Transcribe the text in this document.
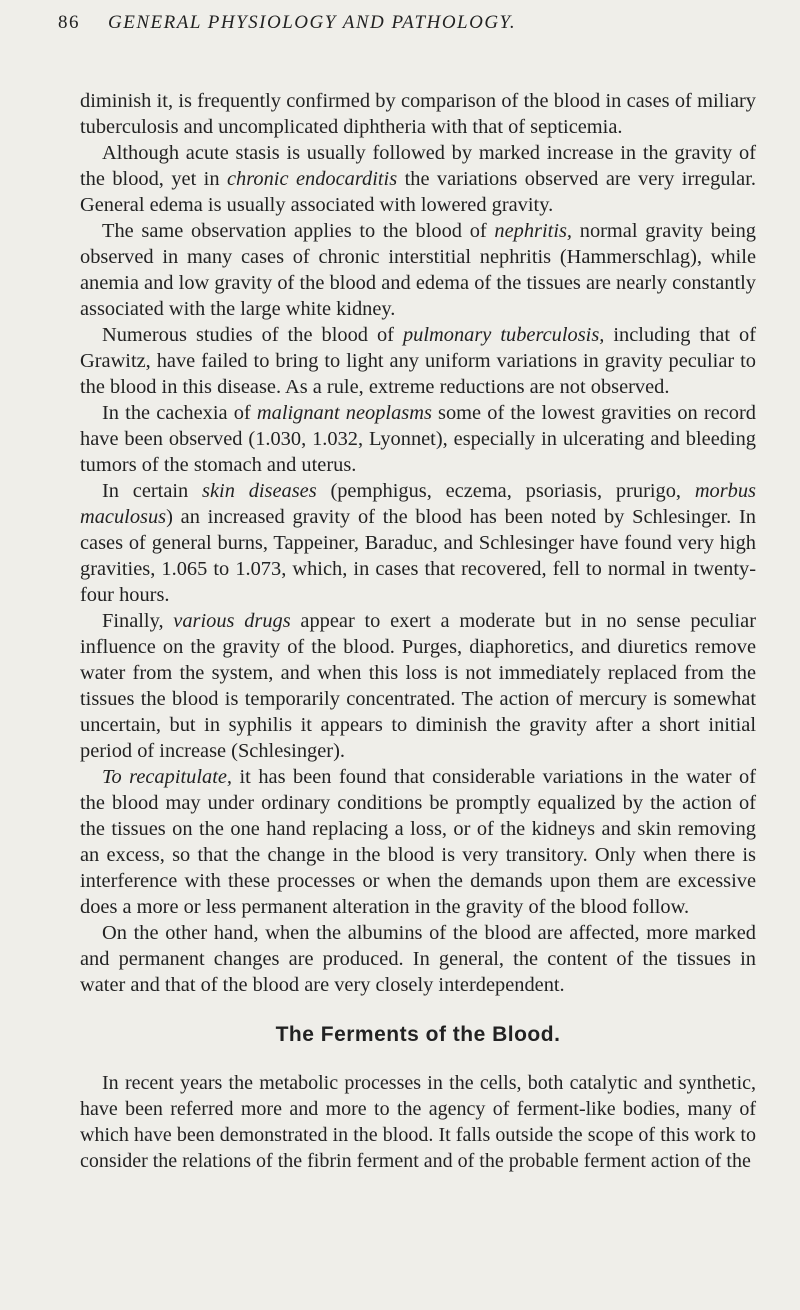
86 GENERAL PHYSIOLOGY AND PATHOLOGY.

diminish it, is frequently confirmed by comparison of the blood in cases of miliary tuberculosis and uncomplicated diphtheria with that of septicemia.

Although acute stasis is usually followed by marked increase in the gravity of the blood, yet in chronic endocarditis the variations observed are very irregular. General edema is usually associated with lowered gravity.

The same observation applies to the blood of nephritis, normal gravity being observed in many cases of chronic interstitial nephritis (Hammerschlag), while anemia and low gravity of the blood and edema of the tissues are nearly constantly associated with the large white kidney.

Numerous studies of the blood of pulmonary tuberculosis, including that of Grawitz, have failed to bring to light any uniform variations in gravity peculiar to the blood in this disease. As a rule, extreme reductions are not observed.

In the cachexia of malignant neoplasms some of the lowest gravities on record have been observed (1.030, 1.032, Lyonnet), especially in ulcerating and bleeding tumors of the stomach and uterus.

In certain skin diseases (pemphigus, eczema, psoriasis, prurigo, morbus maculosus) an increased gravity of the blood has been noted by Schlesinger. In cases of general burns, Tappeiner, Baraduc, and Schlesinger have found very high gravities, 1.065 to 1.073, which, in cases that recovered, fell to normal in twenty-four hours.

Finally, various drugs appear to exert a moderate but in no sense peculiar influence on the gravity of the blood. Purges, diaphoretics, and diuretics remove water from the system, and when this loss is not immediately replaced from the tissues the blood is temporarily concentrated. The action of mercury is somewhat uncertain, but in syphilis it appears to diminish the gravity after a short initial period of increase (Schlesinger).

To recapitulate, it has been found that considerable variations in the water of the blood may under ordinary conditions be promptly equalized by the action of the tissues on the one hand replacing a loss, or of the kidneys and skin removing an excess, so that the change in the blood is very transitory. Only when there is interference with these processes or when the demands upon them are excessive does a more or less permanent alteration in the gravity of the blood follow.

On the other hand, when the albumins of the blood are affected, more marked and permanent changes are produced. In general, the content of the tissues in water and that of the blood are very closely interdependent.

The Ferments of the Blood.

In recent years the metabolic processes in the cells, both catalytic and synthetic, have been referred more and more to the agency of ferment-like bodies, many of which have been demonstrated in the blood. It falls outside the scope of this work to consider the relations of the fibrin ferment and of the probable ferment action of the
